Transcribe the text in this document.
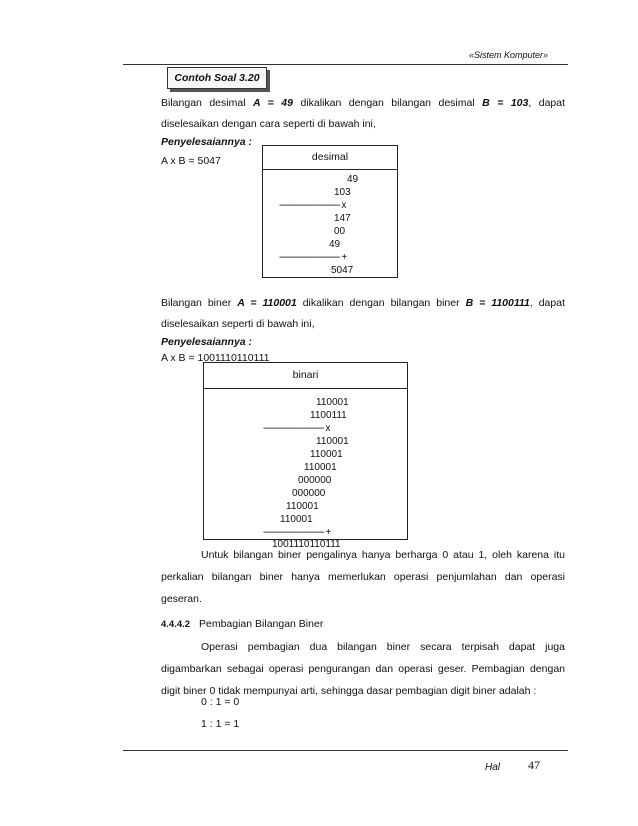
«Sistem Komputer»
Contoh Soal 3.20
Bilangan desimal A = 49 dikalikan dengan bilangan desimal B = 103, dapat
diselesaikan dengan cara seperti di bawah ini,
Penyelesaiannya :
A x B = 5047	desimal
49
103
-------------------------- x
147
00
49
-------------------------- +
5047
Bilangan biner A = 110001 dikalikan dengan bilangan biner B = 1100111, dapat
diselesaikan seperti di bawah ini,
Penyelesaiannya :
A x B = 1001110110111
binari
110001
1100111
-------------------------- x
110001
110001
110001
000000
000000
110001
110001
-------------------------- +
1001110110111
Untuk bilangan biner pengalinya hanya berharga 0 atau 1, oleh karena itu perkalian bilangan biner hanya memerlukan operasi penjumlahan dan operasi geseran.
4.4.4.2 Pembagian Bilangan Biner
Operasi pembagian dua bilangan biner secara terpisah dapat juga digambarkan sebagai operasi pengurangan dan operasi geser. Pembagian dengan digit biner 0 tidak mempunyai arti, sehingga dasar pembagian digit biner adalah :
0 : 1 = 0
1 : 1 = 1
Hal 47
